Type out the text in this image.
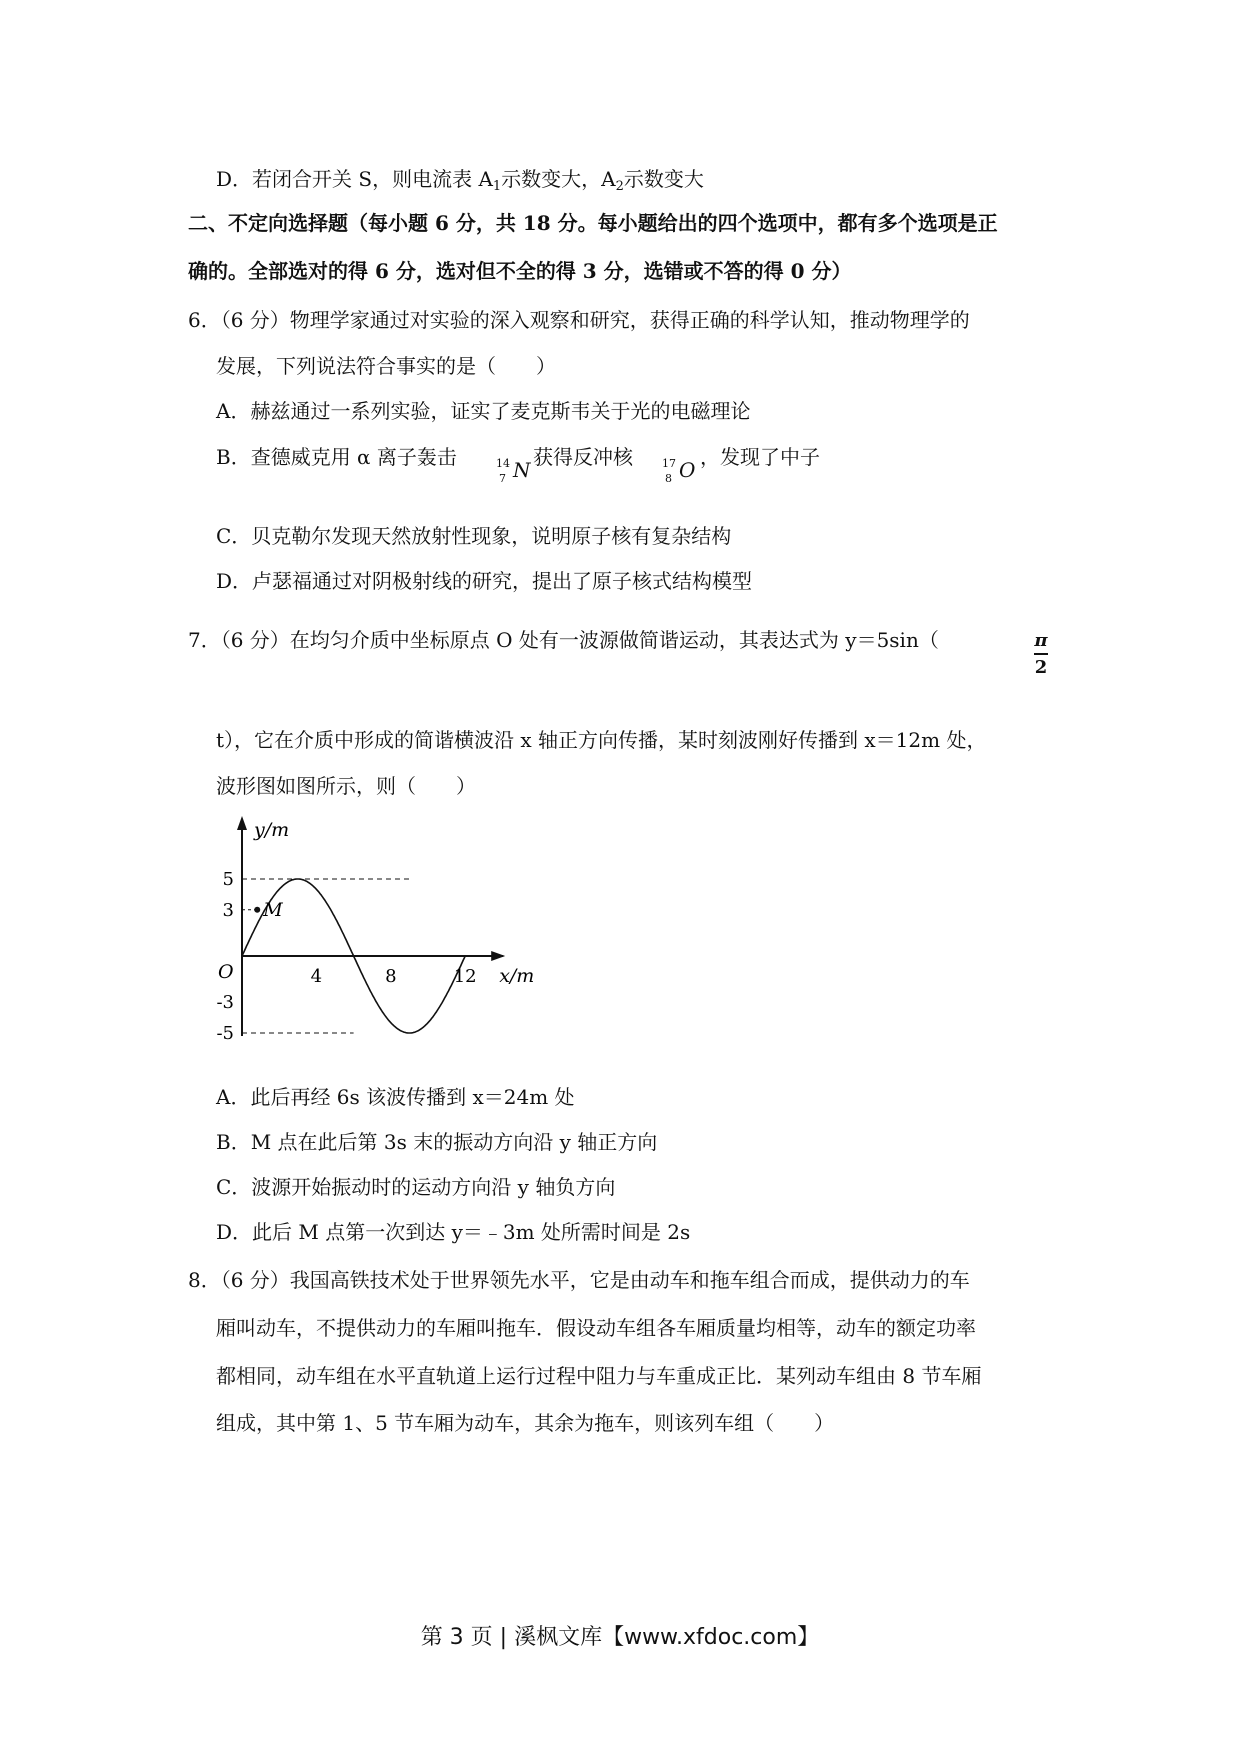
D．若闭合开关 S，则电流表 $A_1$示数变大，$A_2$示数变大
二、不定向选择题（每小题 6 分，共 18 分。每小题给出的四个选项中，都有多个选项是正
确的。全部选对的得 6 分，选对但不全的得 3 分，选错或不答的得 0 分）
6．（6 分）物理学家通过对实验的深入观察和研究，获得正确的科学认知，推动物理学的
发展，下列说法符合事实的是（　　）
A．赫兹通过一系列实验，证实了麦克斯韦关于光的电磁理论
B．查德威克用 α 离子轰击	14
7 N
获得反冲核	17
8 O
，发现了中子
C．贝克勒尔发现天然放射性现象，说明原子核有复杂结构
D．卢瑟福通过对阴极射线的研究，提出了原子核式结构模型
7．（6 分）在均匀介质中坐标原点 O 处有一波源做简谐运动，其表达式为 y＝5sin（	π
2
t），它在介质中形成的简谐横波沿 x 轴正方向传播，某时刻波刚好传播到 x＝12m 处，
波形图如图所示，则（　　）
M
4	8	12
5
3
-3
-5
O
y/m
x/m
A．此后再经 6s 该波传播到 x＝24m 处
B．M 点在此后第 3s 末的振动方向沿 y 轴正方向
C．波源开始振动时的运动方向沿 y 轴负方向
D．此后 M 点第一次到达 y＝﹣3m 处所需时间是 2s
8．（6 分）我国高铁技术处于世界领先水平，它是由动车和拖车组合而成，提供动力的车
厢叫动车，不提供动力的车厢叫拖车．假设动车组各车厢质量均相等，动车的额定功率
都相同，动车组在水平直轨道上运行过程中阻力与车重成正比．某列动车组由 8 节车厢
组成，其中第 1、5 节车厢为动车，其余为拖车，则该列车组（　　）
第 3 页 | 溪枫文库【www.xfdoc.com】
